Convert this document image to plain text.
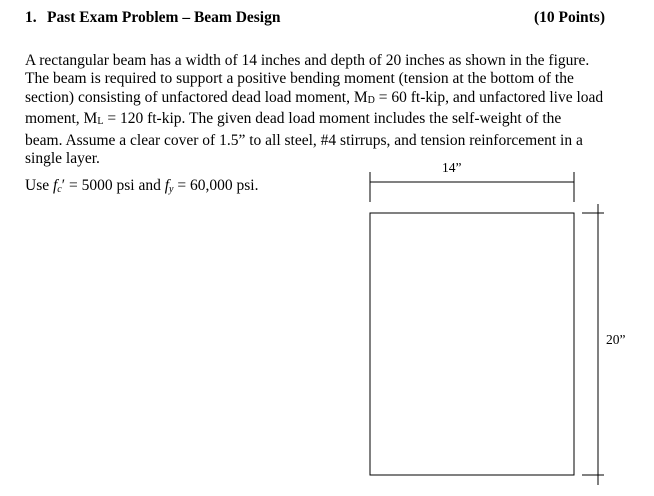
1. Past Exam Problem – Beam Design	(10 Points)
A rectangular beam has a width of 14 inches and depth of 20 inches as shown in the figure.
The beam is required to support a positive bending moment (tension at the bottom of the
section) consisting of unfactored dead load moment, $M_D = 60$ ft-kip, and unfactored live load
moment, $M_L = 120$ ft-kip. The given dead load moment includes the self-weight of the
beam. Assume a clear cover of 1.5” to all steel, #4 stirrups, and tension reinforcement in a
single layer.
Use $f_c' = 5000$ psi and $f_y = 60,000$ psi.
14”
20”
